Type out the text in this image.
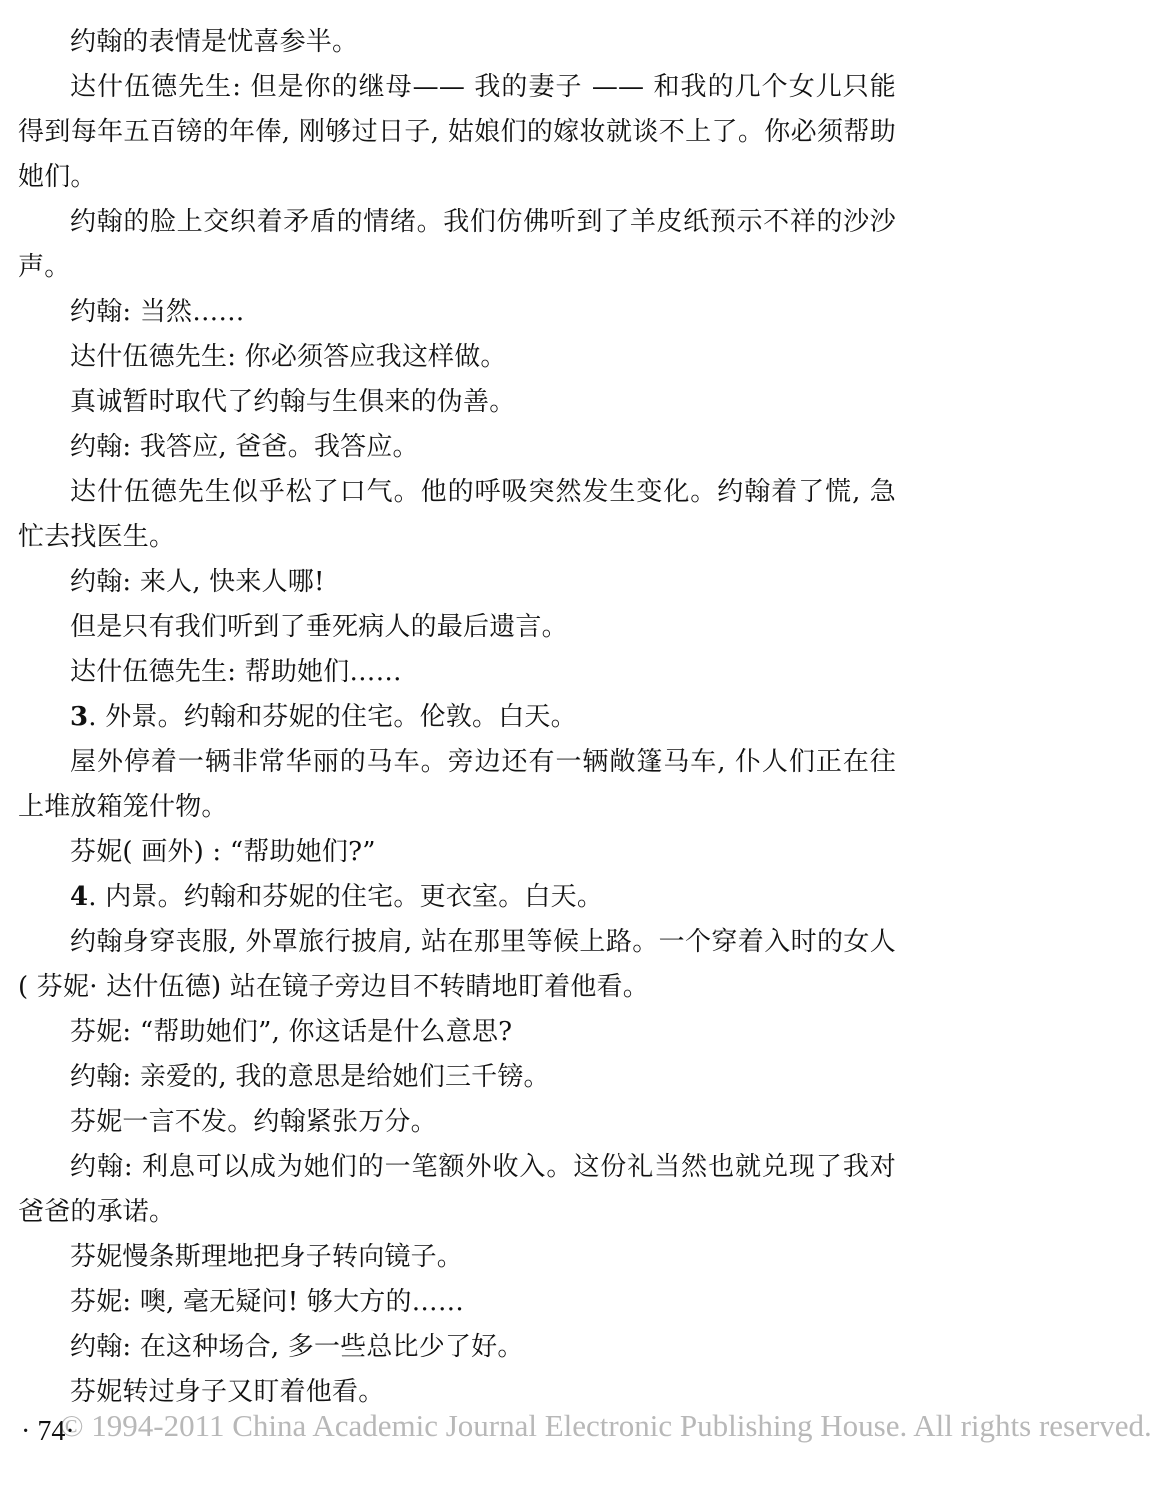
约翰的表情是忧喜参半。

达什伍德先生: 但是你的继母—— 我的妻子 —— 和我的几个女儿只能得到每年五百镑的年俸, 刚够过日子, 姑娘们的嫁妆就谈不上了。你必须帮助她们。

约翰的脸上交织着矛盾的情绪。我们仿佛听到了羊皮纸预示不祥的沙沙声。

约翰: 当然……

达什伍德先生: 你必须答应我这样做。

真诚暂时取代了约翰与生俱来的伪善。

约翰: 我答应, 爸爸。我答应。

达什伍德先生似乎松了口气。他的呼吸突然发生变化。约翰着了慌, 急忙去找医生。

约翰: 来人, 快来人哪!

但是只有我们听到了垂死病人的最后遗言。

达什伍德先生: 帮助她们……

3. 外景。约翰和芬妮的住宅。伦敦。白天。

屋外停着一辆非常华丽的马车。旁边还有一辆敞篷马车, 仆人们正在往上堆放箱笼什物。

芬妮( 画外) : “帮助她们?”

4. 内景。约翰和芬妮的住宅。更衣室。白天。

约翰身穿丧服, 外罩旅行披肩, 站在那里等候上路。一个穿着入时的女人( 芬妮· 达什伍德) 站在镜子旁边目不转睛地盯着他看。

芬妮: “帮助她们”, 你这话是什么意思?

约翰: 亲爱的, 我的意思是给她们三千镑。

芬妮一言不发。约翰紧张万分。

约翰: 利息可以成为她们的一笔额外收入。这份礼当然也就兑现了我对爸爸的承诺。

芬妮慢条斯理地把身子转向镜子。

芬妮: 噢, 毫无疑问! 够大方的……

约翰: 在这种场合, 多一些总比少了好。

芬妮转过身子又盯着他看。

· 74·
© 1994-2011 China Academic Journal Electronic Publishing House. All rights reserved.
